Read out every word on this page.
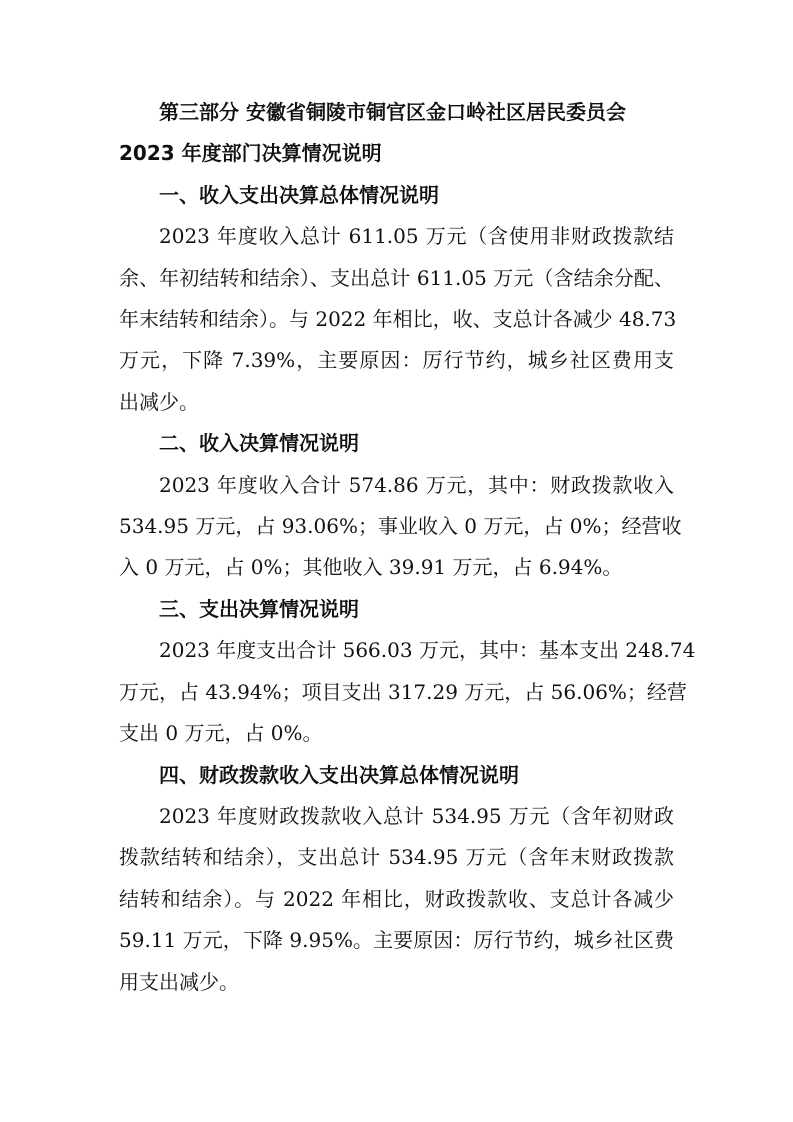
第三部分 安徽省铜陵市铜官区金口岭社区居民委员会
2023 年度部门决算情况说明
一、收入支出决算总体情况说明
2023 年度收入总计 611.05 万元（含使用非财政拨款结
余、年初结转和结余）、支出总计 611.05 万元（含结余分配、
年末结转和结余）。与 2022 年相比，收、支总计各减少 48.73
万元，下降 7.39%，主要原因：厉行节约，城乡社区费用支
出减少。
二、收入决算情况说明
2023 年度收入合计 574.86 万元，其中：财政拨款收入
534.95 万元，占 93.06%；事业收入 0 万元，占 0%；经营收
入 0 万元，占 0%；其他收入 39.91 万元，占 6.94%。
三、支出决算情况说明
2023 年度支出合计 566.03 万元，其中：基本支出 248.74
万元，占 43.94%；项目支出 317.29 万元，占 56.06%；经营
支出 0 万元，占 0%。
四、财政拨款收入支出决算总体情况说明
2023 年度财政拨款收入总计 534.95 万元（含年初财政
拨款结转和结余），支出总计 534.95 万元（含年末财政拨款
结转和结余）。与 2022 年相比，财政拨款收、支总计各减少
59.11 万元，下降 9.95%。主要原因：厉行节约，城乡社区费
用支出减少。
